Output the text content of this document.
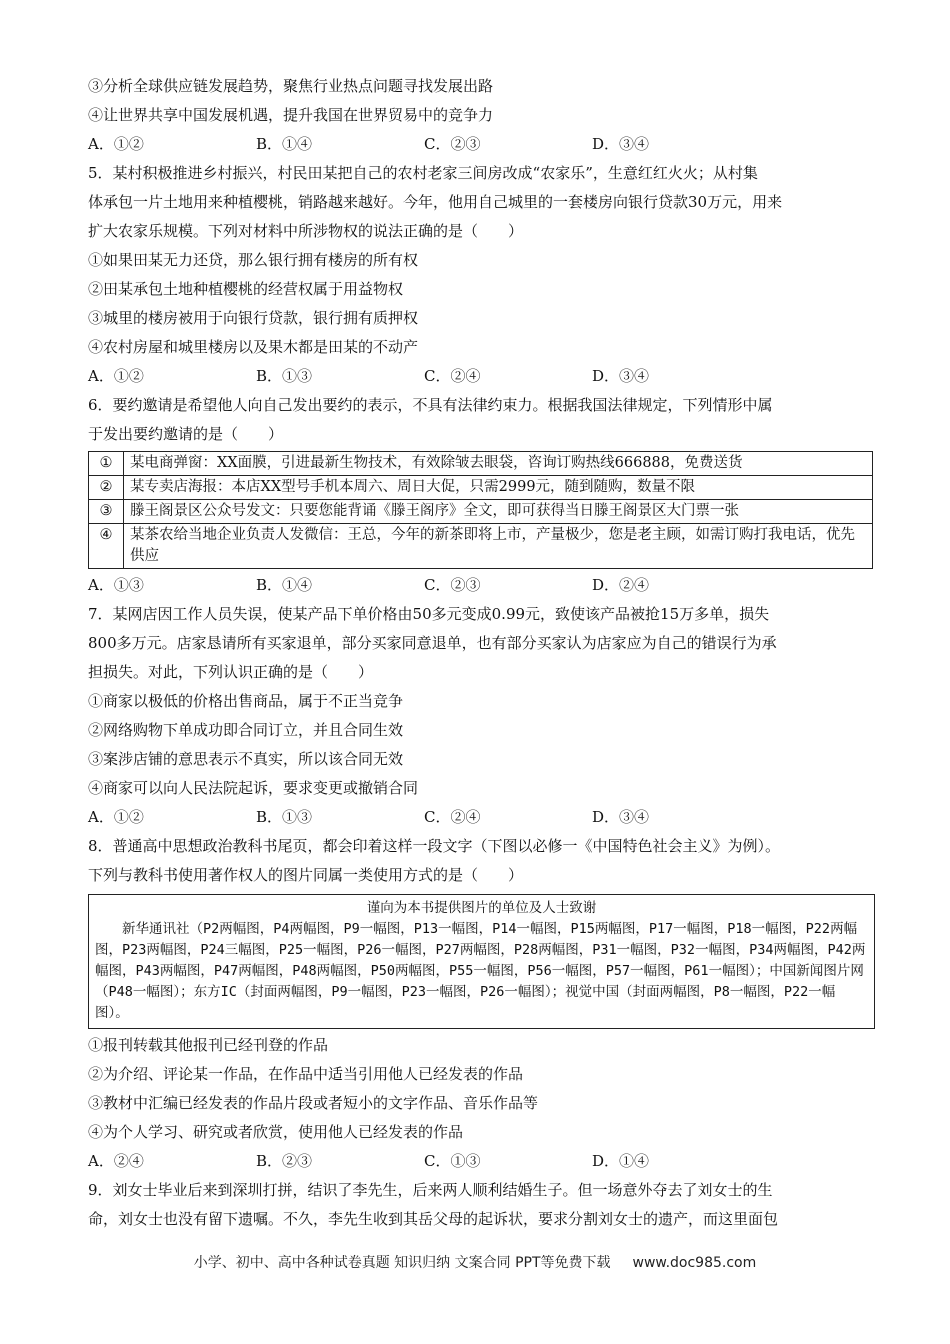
③分析全球供应链发展趋势，聚焦行业热点问题寻找发展出路
④让世界共享中国发展机遇，提升我国在世界贸易中的竞争力
A．①②	B．①④	C．②③	D．③④
5．某村积极推进乡村振兴，村民田某把自己的农村老家三间房改成“农家乐”，生意红红火火；从村集
体承包一片土地用来种植樱桃，销路越来越好。今年，他用自己城里的一套楼房向银行贷款30万元，用来
扩大农家乐规模。下列对材料中所涉物权的说法正确的是（　　）
①如果田某无力还贷，那么银行拥有楼房的所有权
②田某承包土地种植樱桃的经营权属于用益物权
③城里的楼房被用于向银行贷款，银行拥有质押权
④农村房屋和城里楼房以及果木都是田某的不动产
A．①②	B．①③	C．②④	D．③④
6．要约邀请是希望他人向自己发出要约的表示，不具有法律约束力。根据我国法律规定，下列情形中属
于发出要约邀请的是（　　）
①	某电商弹窗：XX面膜，引进最新生物技术，有效除皱去眼袋，咨询订购热线666888，免费送货
②	某专卖店海报：本店XX型号手机本周六、周日大促，只需2999元，随到随购，数量不限
③	滕王阁景区公众号发文：只要您能背诵《滕王阁序》全文，即可获得当日滕王阁景区大门票一张
④	某茶农给当地企业负责人发微信：王总，今年的新茶即将上市，产量极少，您是老主顾，如需订购打我电话，优先供应
A．①③	B．①④	C．②③	D．②④
7．某网店因工作人员失误，使某产品下单价格由50多元变成0.99元，致使该产品被抢15万多单，损失
800多万元。店家恳请所有买家退单，部分买家同意退单，也有部分买家认为店家应为自己的错误行为承
担损失。对此，下列认识正确的是（　　）
①商家以极低的价格出售商品，属于不正当竞争
②网络购物下单成功即合同订立，并且合同生效
③案涉店铺的意思表示不真实，所以该合同无效
④商家可以向人民法院起诉，要求变更或撤销合同
A．①②	B．①③	C．②④	D．③④
8．普通高中思想政治教科书尾页，都会印着这样一段文字（下图以必修一《中国特色社会主义》为例）。
下列与教科书使用著作权人的图片同属一类使用方式的是（　　）
谨向为本书提供图片的单位及人士致谢
新华通讯社（P2两幅图，P4两幅图，P9一幅图，P13一幅图，P14一幅图，P15两幅图，P17一幅图，P18一幅图，P22两幅图，P23两幅图，P24三幅图，P25一幅图，P26一幅图，P27两幅图，P28两幅图，P31一幅图，P32一幅图，P34两幅图，P42两幅图，P43两幅图，P47两幅图，P48两幅图，P50两幅图，P55一幅图，P56一幅图，P57一幅图，P61一幅图）；中国新闻图片网（P48一幅图）；东方IC（封面两幅图，P9一幅图，P23一幅图，P26一幅图）；视觉中国（封面两幅图，P8一幅图，P22一幅图）。
①报刊转载其他报刊已经刊登的作品
②为介绍、评论某一作品，在作品中适当引用他人已经发表的作品
③教材中汇编已经发表的作品片段或者短小的文字作品、音乐作品等
④为个人学习、研究或者欣赏，使用他人已经发表的作品
A．②④	B．②③	C．①③	D．①④
9．刘女士毕业后来到深圳打拼，结识了李先生，后来两人顺利结婚生子。但一场意外夺去了刘女士的生
命，刘女士也没有留下遗嘱。不久，李先生收到其岳父母的起诉状，要求分割刘女士的遗产，而这里面包
小学、初中、高中各种试卷真题 知识归纳 文案合同 PPT等免费下载 www.doc985.com
